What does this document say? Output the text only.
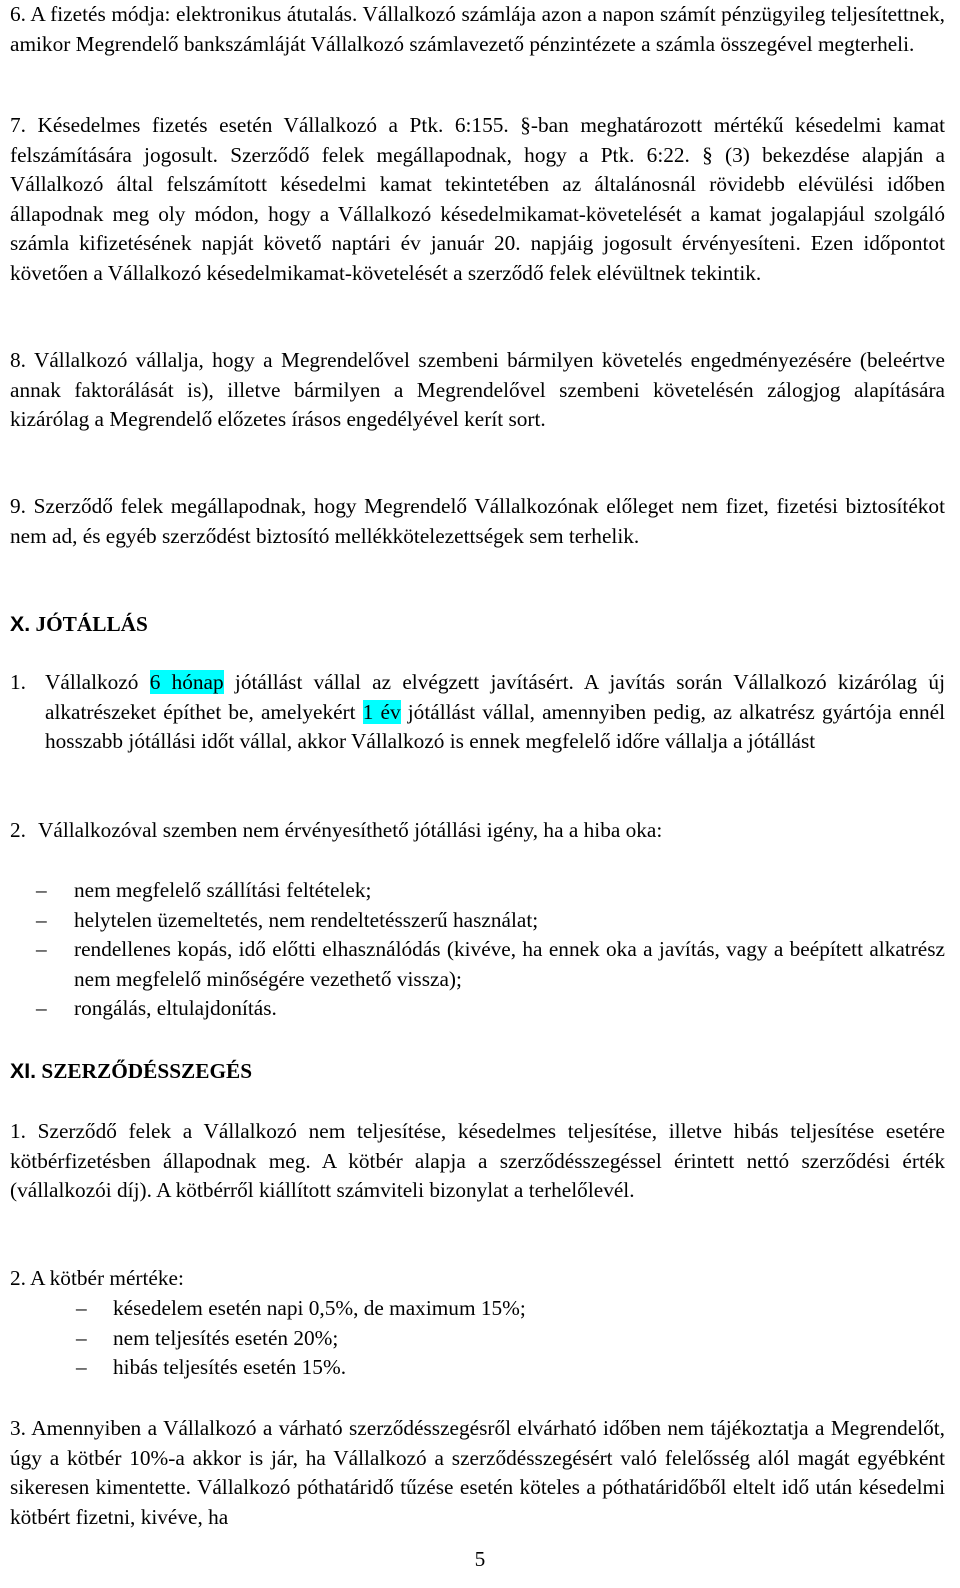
6. A fizetés módja: elektronikus átutalás. Vállalkozó számlája azon a napon számít pénzügyileg teljesítettnek, amikor Megrendelő bankszámláját Vállalkozó számlavezető pénzintézete a számla összegével megterheli.

7. Késedelmes fizetés esetén Vállalkozó a Ptk. 6:155. §-ban meghatározott mértékű késedelmi kamat felszámítására jogosult. Szerződő felek megállapodnak, hogy a Ptk. 6:22. § (3) bekezdése alapján a Vállalkozó által felszámított késedelmi kamat tekintetében az általánosnál rövidebb elévülési időben állapodnak meg oly módon, hogy a Vállalkozó késedelmikamat-követelését a kamat jogalapjául szolgáló számla kifizetésének napját követő naptári év január 20. napjáig jogosult érvényesíteni. Ezen időpontot követően a Vállalkozó késedelmikamat-követelését a szerződő felek elévültnek tekintik.

8. Vállalkozó vállalja, hogy a Megrendelővel szembeni bármilyen követelés engedményezésére (beleértve annak faktorálását is), illetve bármilyen a Megrendelővel szembeni követelésén zálogjog alapítására kizárólag a Megrendelő előzetes írásos engedélyével kerít sort.

9. Szerződő felek megállapodnak, hogy Megrendelő Vállalkozónak előleget nem fizet, fizetési biztosítékot nem ad, és egyéb szerződést biztosító mellékkötelezettségek sem terhelik.

X. JÓTÁLLÁS

1. Vállalkozó 6 hónap jótállást vállal az elvégzett javításért. A javítás során Vállalkozó kizárólag új alkatrészeket építhet be, amelyekért 1 év jótállást vállal, amennyiben pedig, az alkatrész gyártója ennél hosszabb jótállási időt vállal, akkor Vállalkozó is ennek megfelelő időre vállalja a jótállást

2. Vállalkozóval szemben nem érvényesíthető jótállási igény, ha a hiba oka:

– nem megfelelő szállítási feltételek;

– helytelen üzemeltetés, nem rendeltetésszerű használat;

– rendellenes kopás, idő előtti elhasználódás (kivéve, ha ennek oka a javítás, vagy a beépített alkatrész nem megfelelő minőségére vezethető vissza);

– rongálás, eltulajdonítás.

XI. SZERZŐDÉSSZEGÉS

1. Szerződő felek a Vállalkozó nem teljesítése, késedelmes teljesítése, illetve hibás teljesítése esetére kötbérfizetésben állapodnak meg. A kötbér alapja a szerződésszegéssel érintett nettó szerződési érték (vállalkozói díj). A kötbérről kiállított számviteli bizonylat a terhelőlevél.

2. A kötbér mértéke:

– késedelem esetén napi 0,5%, de maximum 15%;

– nem teljesítés esetén 20%;

– hibás teljesítés esetén 15%.

3. Amennyiben a Vállalkozó a várható szerződésszegésről elvárható időben nem tájékoztatja a Megrendelőt, úgy a kötbér 10%-a akkor is jár, ha Vállalkozó a szerződésszegésért való felelősség alól magát egyébként sikeresen kimentette. Vállalkozó póthatáridő tűzése esetén köteles a póthatáridőből eltelt idő után késedelmi kötbért fizetni, kivéve, ha

5
